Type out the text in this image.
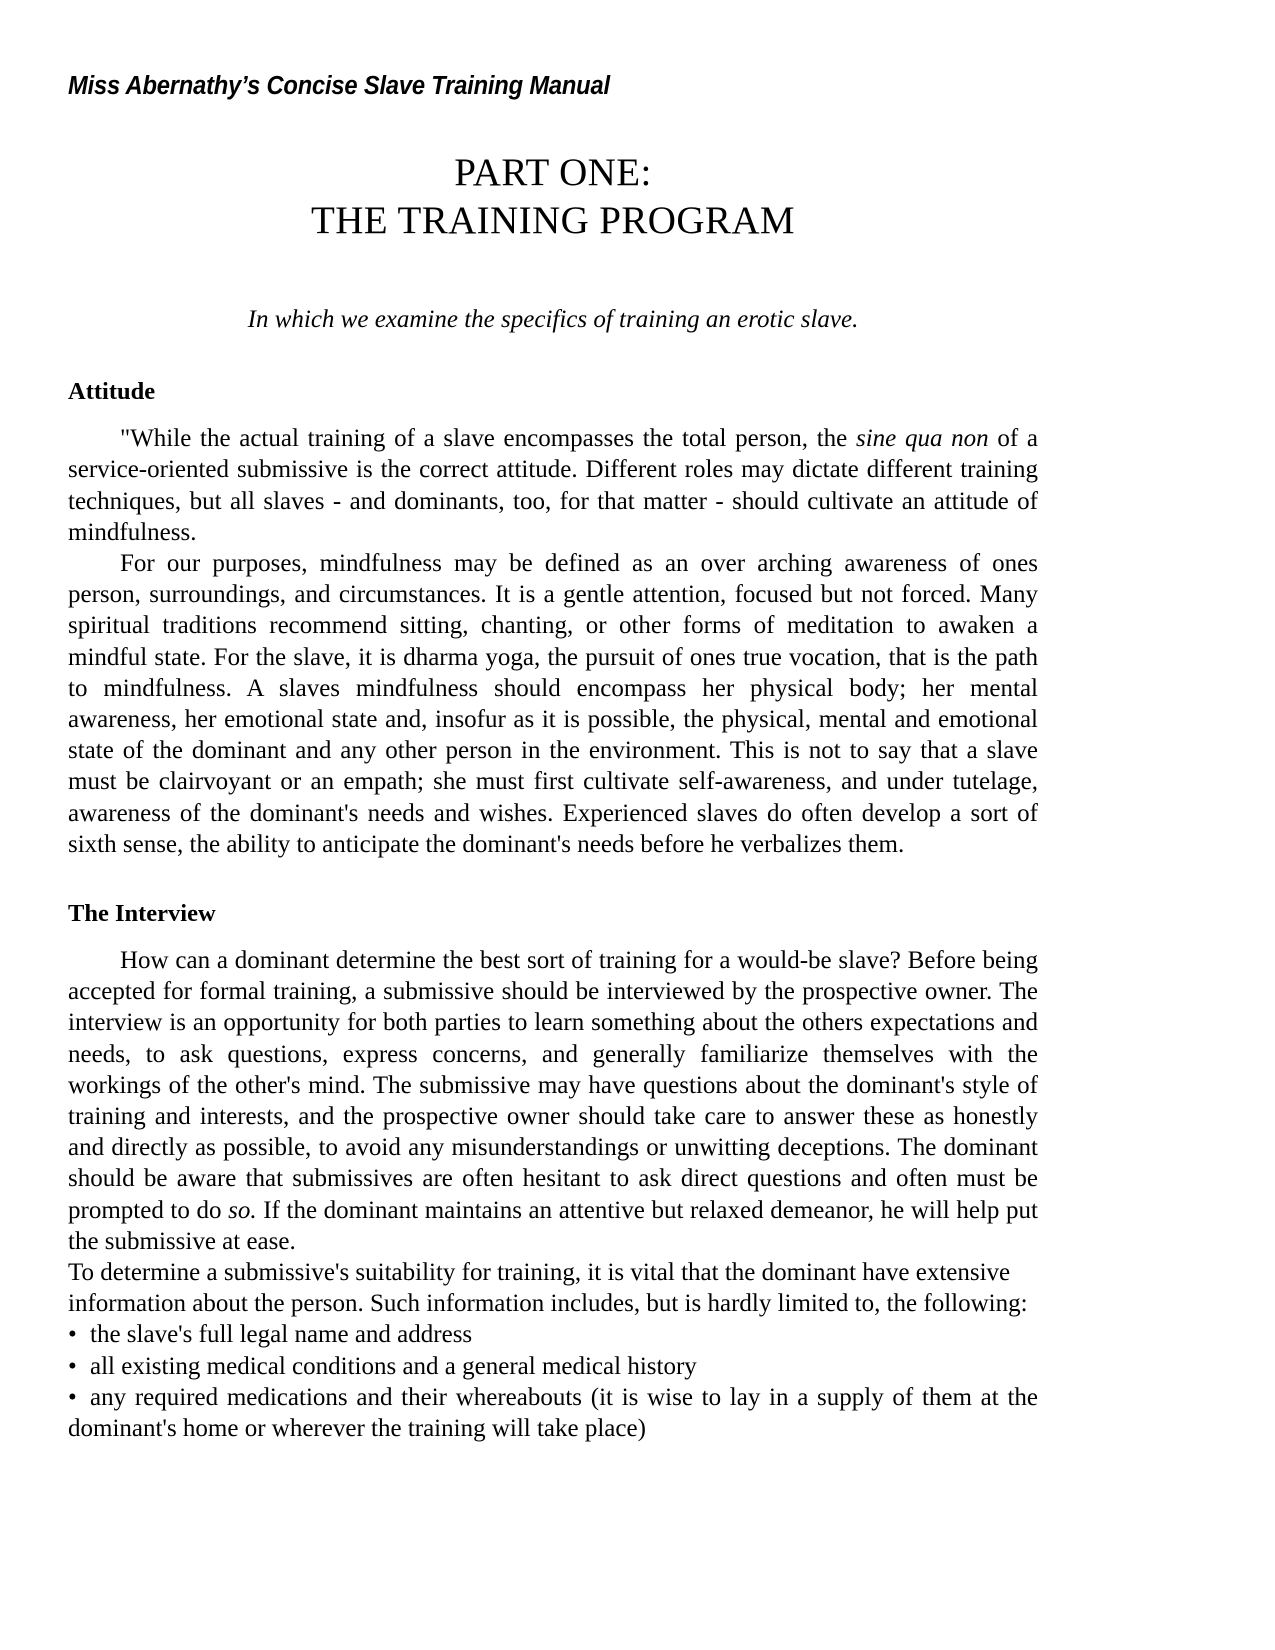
Miss Abernathy’s Concise Slave Training Manual
PART ONE:
THE TRAINING PROGRAM
In which we examine the specifics of training an erotic slave.
Attitude

"While the actual training of a slave encompasses the total person, the sine qua non of a service-oriented submissive is the correct attitude. Different roles may dictate different training techniques, but all slaves - and dominants, too, for that matter - should cultivate an attitude of mindfulness.

For our purposes, mindfulness may be defined as an over arching awareness of ones person, surroundings, and circumstances. It is a gentle attention, focused but not forced. Many spiritual traditions recommend sitting, chanting, or other forms of meditation to awaken a mindful state. For the slave, it is dharma yoga, the pursuit of ones true vocation, that is the path to mindfulness. A slaves mindfulness should encompass her physical body; her mental awareness, her emotional state and, insofur as it is possible, the physical, mental and emotional state of the dominant and any other person in the environment. This is not to say that a slave must be clairvoyant or an empath; she must first cultivate self-awareness, and under tutelage, awareness of the dominant's needs and wishes. Experienced slaves do often develop a sort of sixth sense, the ability to anticipate the dominant's needs before he verbalizes them.

The Interview

How can a dominant determine the best sort of training for a would-be slave? Before being accepted for formal training, a submissive should be interviewed by the prospective owner. The interview is an opportunity for both parties to learn something about the others expectations and needs, to ask questions, express concerns, and generally familiarize themselves with the workings of the other's mind. The submissive may have questions about the dominant's style of training and interests, and the prospective owner should take care to answer these as honestly and directly as possible, to avoid any misunderstandings or unwitting deceptions. The dominant should be aware that submissives are often hesitant to ask direct questions and often must be prompted to do so. If the dominant maintains an attentive but relaxed demeanor, he will help put the submissive at ease.

To determine a submissive's suitability for training, it is vital that the dominant have extensive information about the person. Such information includes, but is hardly limited to, the following:

• the slave's full legal name and address
• all existing medical conditions and a general medical history
• any required medications and their whereabouts (it is wise to lay in a supply of them at the dominant's home or wherever the training will take place)
